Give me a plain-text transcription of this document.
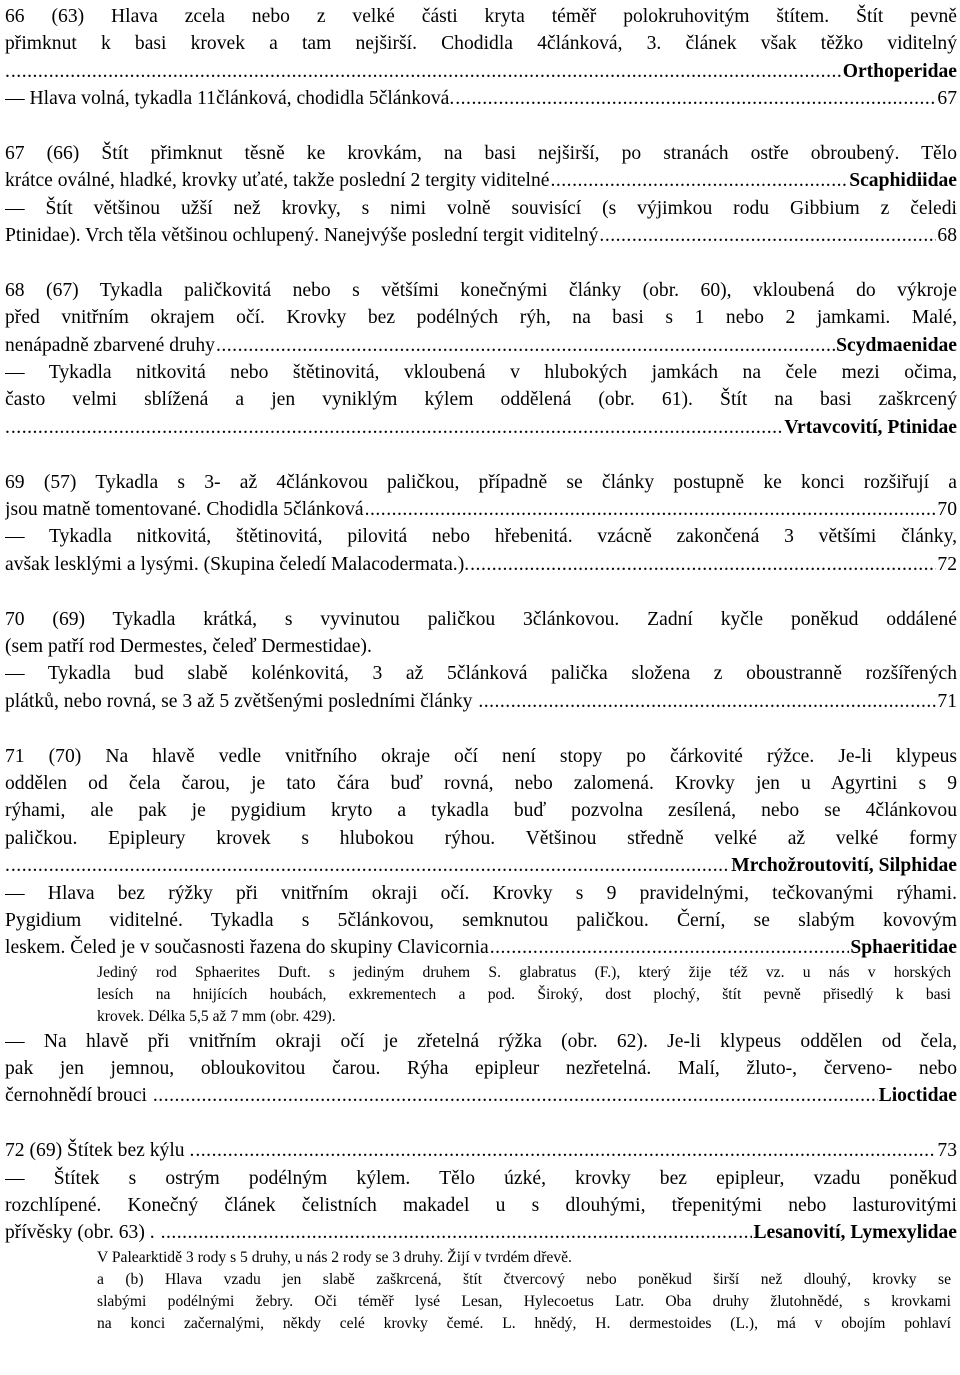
66 (63) Hlava zcela nebo z velké části kryta téměř polokruhovitým štítem. Štít pevně
přimknut k basi krovek a tam nejširší. Chodidla 4článková, 3. článek však těžko viditelný
. .....	Orthoperidae
— Hlava volná, tykadla 11článková, chodidla 5článková. .....	67
67 (66) Štít přimknut těsně ke krovkám, na basi nejširší, po stranách ostře obroubený. Tělo
krátce oválné, hladké, krovky uťaté, takže poslední 2 tergity viditelné .....	Scaphidiidae
— Štít většinou užší než krovky, s nimi volně souvisící (s výjimkou rodu Gibbium z čeledi
Ptinidae). Vrch těla většinou ochlupený. Nanejvýše poslední tergit viditelný .....	68
68 (67) Tykadla paličkovitá nebo s většími konečnými články (obr. 60), vkloubená do výkroje
před vnitřním okrajem očí. Krovky bez podélných rýh, na basi s 1 nebo 2 jamkami. Malé,
nenápadně zbarvené druhy .....	Scydmaenidae
— Tykadla nitkovitá nebo štětinovitá, vkloubená v hlubokých jamkách na čele mezi očima,
často velmi sblížená a jen vyniklým kýlem oddělená (obr. 61). Štít na basi zaškrcený
. .....	Vrtavcovití, Ptinidae
69 (57) Tykadla s 3- až 4článkovou paličkou, případně se články postupně ke konci rozšiřují a
jsou matně tomentované. Chodidla 5článková .....	70
— Tykadla nitkovitá, štětinovitá, pilovitá nebo hřebenitá. vzácně zakončená 3 většími články,
avšak lesklými a lysými. (Skupina čeledí Malacodermata.). .....	72
70 (69) Tykadla krátká, s vyvinutou paličkou 3článkovou. Zadní kyčle poněkud oddálené
(sem patří rod Dermestes, čeleď Dermestidae).
— Tykadla bud slabě kolénkovitá, 3 až 5článková palička složena z oboustranně rozšířených
plátků, nebo rovná, se 3 až 5 zvětšenými posledními články .....	71
71 (70) Na hlavě vedle vnitřního okraje očí není stopy po čárkovité rýžce. Je-li klypeus
oddělen od čela čarou, je tato čára buď rovná, nebo zalomená. Krovky jen u Agyrtini s 9
rýhami, ale pak je pygidium kryto a tykadla buď pozvolna zesílená, nebo se 4článkovou
paličkou. Epipleury krovek s hlubokou rýhou. Většinou středně velké až velké formy
. .....	Mrchožroutovití, Silphidae
— Hlava bez rýžky při vnitřním okraji očí. Krovky s 9 pravidelnými, tečkovanými rýhami.
Pygidium viditelné. Tykadla s 5článkovou, semknutou paličkou. Černí, se slabým kovovým
leskem. Čeled je v současnosti řazena do skupiny Clavicornia .....	Sphaeritidae
Jediný rod Sphaerites Duft. s jediným druhem S. glabratus (F.), který žije též vz. u nás v horských
lesích na hnijících houbách, exkrementech a pod. Široký, dost plochý, štít pevně přisedlý k basi
krovek. Délka 5,5 až 7 mm (obr. 429).
— Na hlavě při vnitřním okraji očí je zřetelná rýžka (obr. 62). Je-li klypeus oddělen od čela,
pak jen jemnou, obloukovitou čarou. Rýha epipleur nezřetelná. Malí, žluto-, červeno- nebo
černohnědí brouci .....	Lioctidae
72 (69) Štítek bez kýlu . .....	73
— Štítek s ostrým podélným kýlem. Tělo úzké, krovky bez epipleur, vzadu poněkud
rozchlípené. Konečný článek čelistních makadel u s dlouhými, třepenitými nebo lasturovitými
přívěsky (obr. 63) . .....	Lesanovití, Lymexylidae
V Palearktidě 3 rody s 5 druhy, u nás 2 rody se 3 druhy. Žijí v tvrdém dřevě.
a (b) Hlava vzadu jen slabě zaškrcená, štít čtvercový nebo poněkud širší než dlouhý, krovky se
slabými podélnými žebry. Oči téměř lysé Lesan, Hylecoetus Latr. Oba druhy žlutohnědé, s krovkami
na konci začernalými, někdy celé krovky čemé. L. hnědý, H. dermestoides (L.), má v obojím pohlaví
